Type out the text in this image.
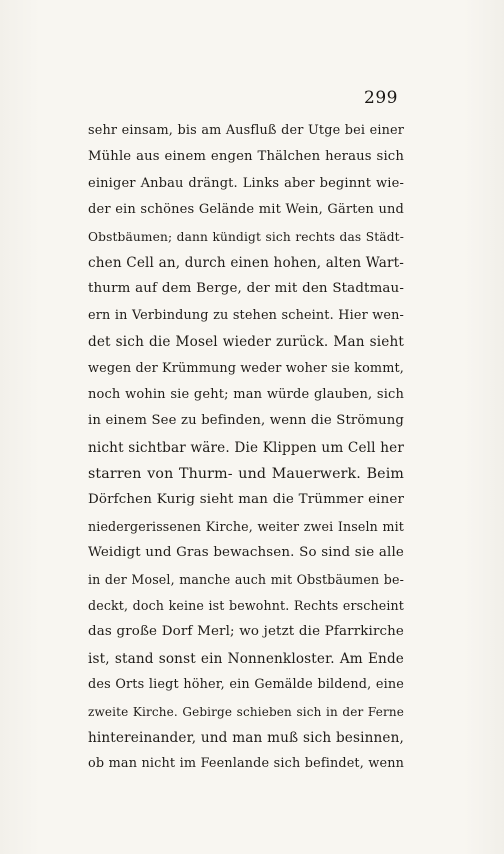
299
sehr einsam, bis am Ausfluß der Utge bei einer
Mühle aus einem engen Thälchen heraus sich
einiger Anbau drängt. Links aber beginnt wie-
der ein schönes Gelände mit Wein, Gärten und
Obstbäumen; dann kündigt sich rechts das Städt-
chen Cell an, durch einen hohen, alten Wart-
thurm auf dem Berge, der mit den Stadtmau-
ern in Verbindung zu stehen scheint. Hier wen-
det sich die Mosel wieder zurück. Man sieht
wegen der Krümmung weder woher sie kommt,
noch wohin sie geht; man würde glauben, sich
in einem See zu befinden, wenn die Strömung
nicht sichtbar wäre. Die Klippen um Cell her
starren von Thurm- und Mauerwerk. Beim
Dörfchen Kurig sieht man die Trümmer einer
niedergerissenen Kirche, weiter zwei Inseln mit
Weidigt und Gras bewachsen. So sind sie alle
in der Mosel, manche auch mit Obstbäumen be-
deckt, doch keine ist bewohnt. Rechts erscheint
das große Dorf Merl; wo jetzt die Pfarrkirche
ist, stand sonst ein Nonnenkloster. Am Ende
des Orts liegt höher, ein Gemälde bildend, eine
zweite Kirche. Gebirge schieben sich in der Ferne
hintereinander, und man muß sich besinnen,
ob man nicht im Feenlande sich befindet, wenn
